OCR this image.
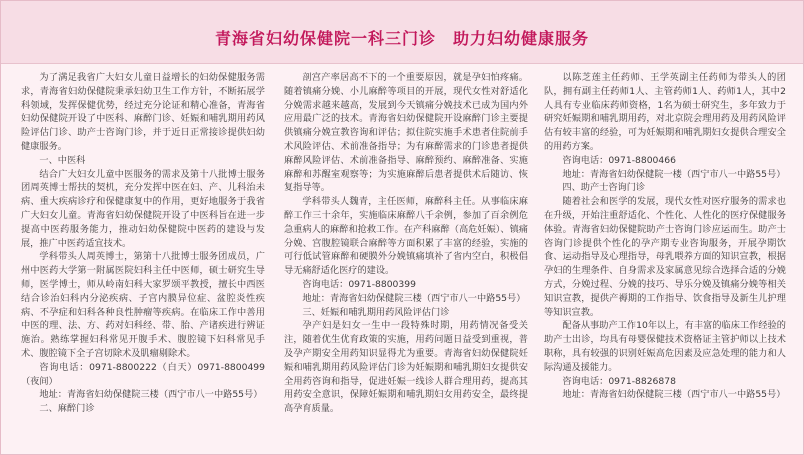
青海省妇幼保健院一科三门诊　助力妇幼健康服务

为了满足我省广大妇女儿童日益增长的妇幼保健服务需求，青海省妇幼保健院秉承妇幼卫生工作方针，不断拓展学科领域，发挥保健优势，经过充分论证和精心准备，青海省妇幼保健院开设了中医科、麻醉门诊、妊娠和哺乳期用药风险评估门诊、助产士咨询门诊，并于近日正常接诊提供妇幼健康服务。

一、中医科

结合广大妇女儿童中医服务的需求及第十八批博士服务团周英博士帮扶的契机，充分发挥中医在妇、产、儿科治未病、重大疾病诊疗和保健康复中的作用，更好地服务于我省广大妇女儿童。青海省妇幼保健院开设了中医科旨在进一步提高中医药服务能力，推动妇幼保健院中医药的建设与发展，推广中医药适宜技术。

学科带头人周英博士，第第十八批博士服务团成员，广州中医药大学第一附属医院妇科主任中医师，硕士研究生导师，医学博士，师从岭南妇科大家罗颂平教授，擅长中西医结合诊治妇科内分泌疾病、子宫内膜异位症、盆腔炎性疾病、不孕症和妇科各种良性肿瘤等疾病。在临床工作中善用中医的理、法、方、药对妇科经、带、胎、产诸疾进行辨证施治。熟练掌握妇科常见开腹手术、腹腔镜下妇科常见手术、腹腔镜下全子宫切除术及肌瘤剔除术。

咨询电话：0971-8800222（白天）0971-8800499（夜间）

地址：青海省妇幼保健院三楼（西宁市八一中路55号）

二、麻醉门诊

剖宫产率居高不下的一个重要原因，就是孕妇怕疼痛。随着镇痛分娩、小儿麻醉等项目的开展，现代女性对舒适化分娩需求越来越高，发展到今天镇痛分娩技术已成为国内外应用最广泛的技术。青海省妇幼保健院开设麻醉门诊主要提供镇痛分娩宣教咨询和评估；拟住院实施手术患者住院前手术风险评估、术前准备指导；为有麻醉需求的门诊患者提供麻醉风险评估、术前准备指导、麻醉预约、麻醉准备、实施麻醉和苏醒室观察等；为实施麻醉后患者提供术后随访、恢复指导等。

学科带头人魏青，主任医师，麻醉科主任。从事临床麻醉工作三十余年，实施临床麻醉八千余例，参加了百余例危急重病人的麻醉和抢救工作。在产科麻醉（高危妊娠）、镇痛分娩、宫腹腔镜联合麻醉等方面积累了丰富的经验，实施的可行低试管麻醉和硬膜外分娩镇痛填补了省内空白，积极倡导无痛舒适化医疗的建设。

咨询电话：0971-8800399

地址：青海省妇幼保健院三楼（西宁市八一中路55号）

三、妊娠和哺乳期用药风险评估门诊

孕产妇是妇女一生中一段特殊时期，用药情况备受关注，随着优生优育政策的实施，用药问题日益受到重视，普及孕产期安全用药知识显得尤为重要。青海省妇幼保健院妊娠和哺乳期用药风险评估门诊为妊娠期和哺乳期妇女提供安全用药咨询和指导，促进妊娠一线诊人群合理用药，提高其用药安全意识，保障妊娠期和哺乳期妇女用药安全，最终提高孕育质量。

以陈芝莲主任药师、王学英副主任药师为带头人的团队，拥有副主任药师1人、主管药师1人、药师1人，其中2人具有专业临床药师资格，1名为硕士研究生，多年致力于研究妊娠期和哺乳期用药，对北京院会理用药及用药风险评估有较丰富的经验，可为妊娠期和哺乳期妇女提供合理安全的用药方案。

咨询电话：0971-8800466

地址：青海省妇幼保健院一楼（西宁市八一中路55号）

四、助产士咨询门诊

随着社会和医学的发展，现代女性对医疗服务的需求也在升级，开始注重舒适化、个性化、人性化的医疗保健服务体验。青海省妇幼保健院助产士咨询门诊应运而生。助产士咨询门诊提供个性化的孕产期专业咨询服务，开展孕期饮食、运动指导及心理指导，母乳喂养方面的知识宣教，根据孕妇的生理条件、自身需求及家属意见综合选择合适的分娩方式，分娩过程、分娩的技巧、导乐分娩及镇痛分娩等相关知识宣教，提供产褥期的工作指导、饮食指导及新生儿护理等知识宣教。

配备从事助产工作10年以上，有丰富的临床工作经验的助产士出诊，均具有母婴保健技术资格证主管护师以上技术职称，具有较强的识别妊娠高危因素及应急处理的能力和人际沟通及援能力。

咨询电话：0971-8826878

地址：青海省妇幼保健院三楼（西宁市八一中路55号）
